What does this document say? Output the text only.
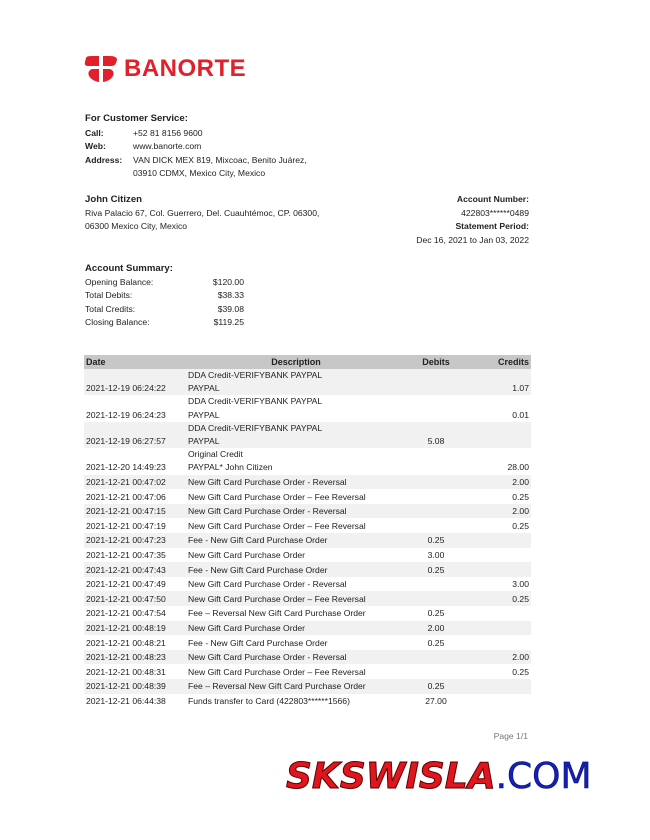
BANORTE
For Customer Service:
Call:	+52 81 8156 9600
Web:	www.banorte.com
Address:	VAN DICK MEX 819, Mixcoac, Benito Juárez,
03910 CDMX, Mexico City, Mexico
John Citizen
Riva Palacio 67, Col. Guerrero, Del. Cuauhtémoc, CP. 06300,
06300 Mexico City, Mexico
Account Number:
422803******0489
Statement Period:
Dec 16, 2021 to Jan 03, 2022
Account Summary:
Opening Balance:	$120.00
Total Debits:	$38.33
Total Credits:	$39.08
Closing Balance:	$119.25
Date	Description	Debits	Credits
2021-12-19 06:24:22	DDA Credit-VERIFYBANK PAYPAL
PAYPAL		1.07
2021-12-19 06:24:23	DDA Credit-VERIFYBANK PAYPAL
PAYPAL		0.01
2021-12-19 06:27:57	DDA Credit-VERIFYBANK PAYPAL
PAYPAL	5.08	
2021-12-20 14:49:23	Original Credit
PAYPAL* John Citizen		28.00
2021-12-21 00:47:02	New Gift Card Purchase Order - Reversal		2.00
2021-12-21 00:47:06	New Gift Card Purchase Order – Fee Reversal		0.25
2021-12-21 00:47:15	New Gift Card Purchase Order - Reversal		2.00
2021-12-21 00:47:19	New Gift Card Purchase Order – Fee Reversal		0.25
2021-12-21 00:47:23	Fee - New Gift Card Purchase Order	0.25	
2021-12-21 00:47:35	New Gift Card Purchase Order	3.00	
2021-12-21 00:47:43	Fee - New Gift Card Purchase Order	0.25	
2021-12-21 00:47:49	New Gift Card Purchase Order - Reversal		3.00
2021-12-21 00:47:50	New Gift Card Purchase Order – Fee Reversal		0.25
2021-12-21 00:47:54	Fee – Reversal New Gift Card Purchase Order	0.25	
2021-12-21 00:48:19	New Gift Card Purchase Order	2.00	
2021-12-21 00:48:21	Fee - New Gift Card Purchase Order	0.25	
2021-12-21 00:48:23	New Gift Card Purchase Order - Reversal		2.00
2021-12-21 00:48:31	New Gift Card Purchase Order – Fee Reversal		0.25
2021-12-21 00:48:39	Fee – Reversal New Gift Card Purchase Order	0.25	
2021-12-21 06:44:38	Funds transfer to Card (422803******1566)	27.00	
Page 1/1
SKSWISLA.COM
